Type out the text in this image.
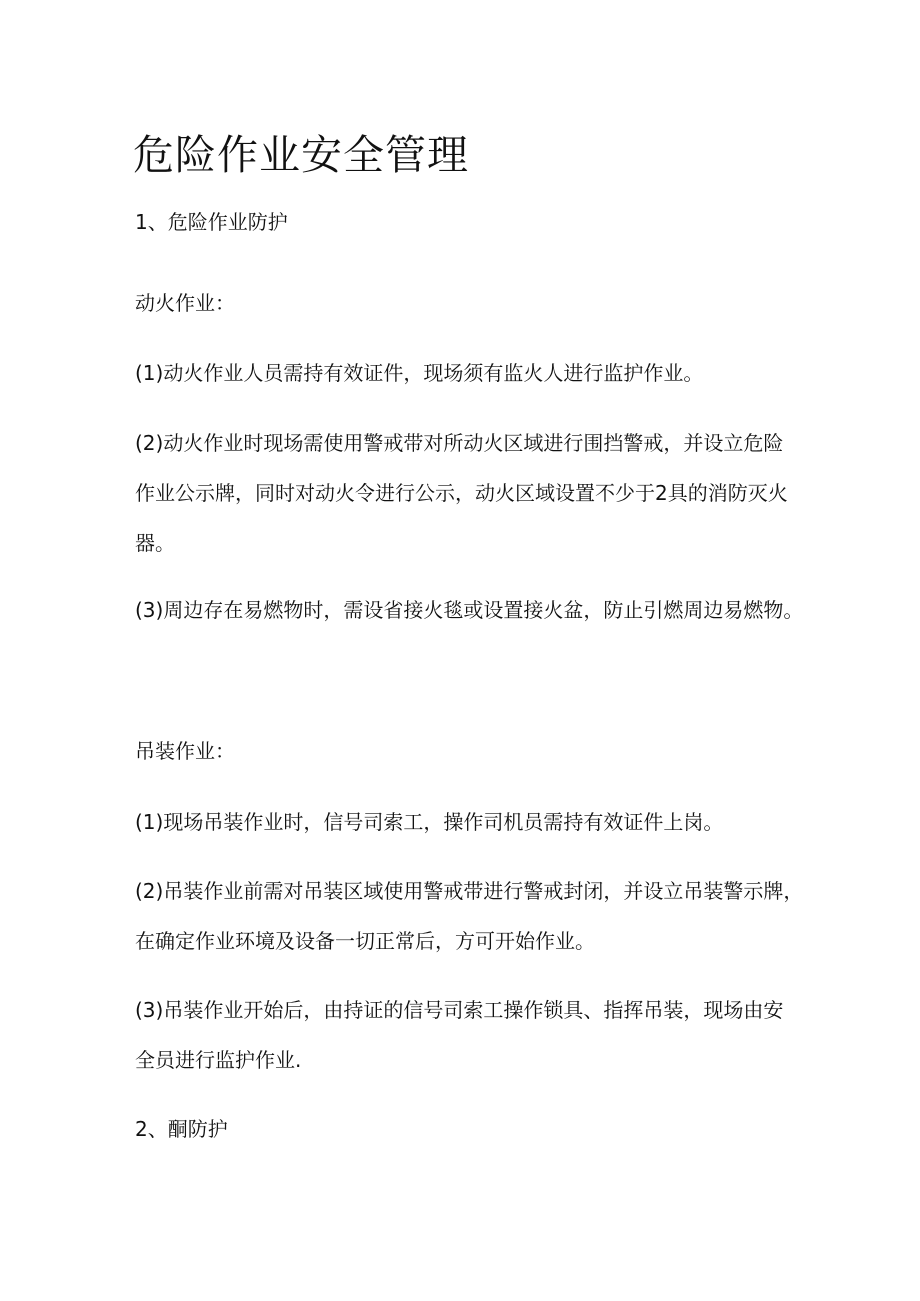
危险作业安全管理

1、危险作业防护

动火作业：

(1)动火作业人员需持有效证件，现场须有监火人进行监护作业。

(2)动火作业时现场需使用警戒带对所动火区域进行围挡警戒，并设立危险

作业公示牌，同时对动火令进行公示，动火区域设置不少于2具的消防灭火

器。

(3)周边存在易燃物时，需设省接火毯或设置接火盆，防止引燃周边易燃物。

吊装作业：

(1)现场吊装作业时，信号司索工，操作司机员需持有效证件上岗。

(2)吊装作业前需对吊装区域使用警戒带进行警戒封闭，并设立吊装警示牌，

在确定作业环境及设备一切正常后，方可开始作业。

(3)吊装作业开始后，由持证的信号司索工操作锁具、指挥吊装，现场由安

全员进行监护作业.

2、酮防护
